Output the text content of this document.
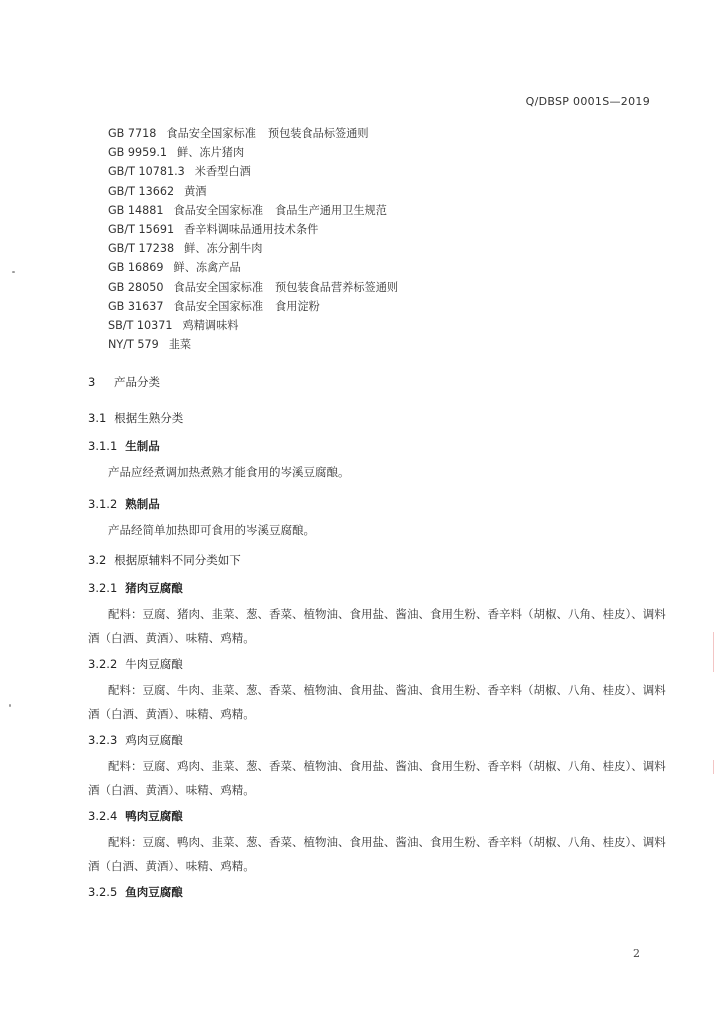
Q/DBSP 0001S—2019
GB 7718 食品安全国家标准 预包装食品标签通则
GB 9959.1 鲜、冻片猪肉
GB/T 10781.3 米香型白酒
GB/T 13662 黄酒
GB 14881 食品安全国家标准 食品生产通用卫生规范
GB/T 15691 香辛料调味品通用技术条件
GB/T 17238 鲜、冻分割牛肉
GB 16869 鲜、冻禽产品
GB 28050 食品安全国家标准 预包装食品营养标签通则
GB 31637 食品安全国家标准 食用淀粉
SB/T 10371 鸡精调味料
NY/T 579 韭菜
3 产品分类
3.1 根据生熟分类
3.1.1 生制品
产品应经煮调加热煮熟才能食用的岑溪豆腐酿。
3.1.2 熟制品
产品经简单加热即可食用的岑溪豆腐酿。
3.2 根据原辅料不同分类如下
3.2.1 猪肉豆腐酿
配料：豆腐、猪肉、韭菜、葱、香菜、植物油、食用盐、酱油、食用生粉、香辛料（胡椒、八角、桂皮）、调料酒（白酒、黄酒）、味精、鸡精。
3.2.2 牛肉豆腐酿
配料：豆腐、牛肉、韭菜、葱、香菜、植物油、食用盐、酱油、食用生粉、香辛料（胡椒、八角、桂皮）、调料酒（白酒、黄酒）、味精、鸡精。
3.2.3 鸡肉豆腐酿
配料：豆腐、鸡肉、韭菜、葱、香菜、植物油、食用盐、酱油、食用生粉、香辛料（胡椒、八角、桂皮）、调料酒（白酒、黄酒）、味精、鸡精。
3.2.4 鸭肉豆腐酿
配料：豆腐、鸭肉、韭菜、葱、香菜、植物油、食用盐、酱油、食用生粉、香辛料（胡椒、八角、桂皮）、调料酒（白酒、黄酒）、味精、鸡精。
3.2.5 鱼肉豆腐酿
2
